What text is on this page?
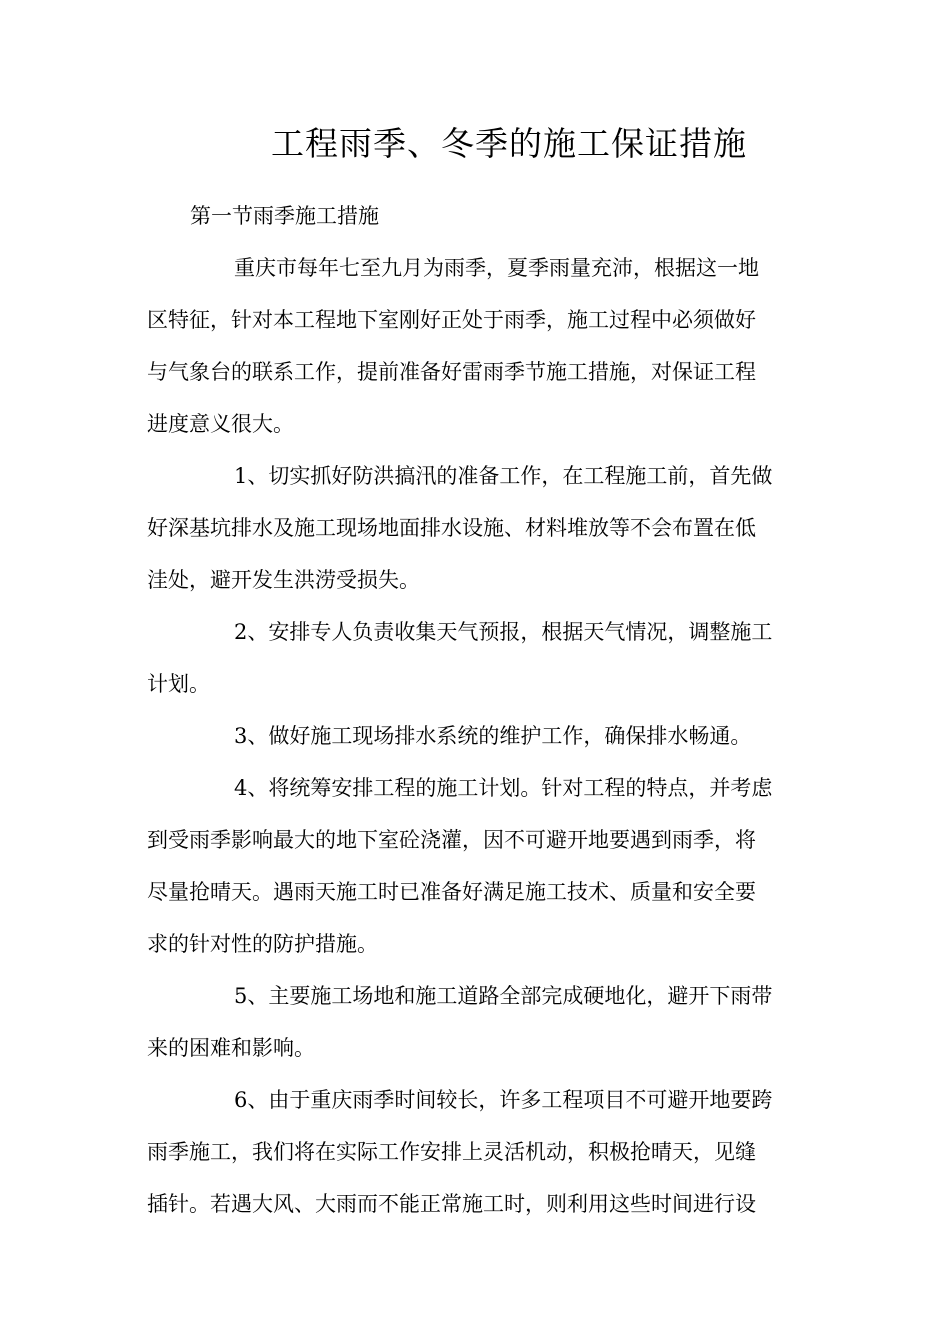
工程雨季、冬季的施工保证措施
第一节雨季施工措施
重庆市每年七至九月为雨季，夏季雨量充沛，根据这一地
区特征，针对本工程地下室刚好正处于雨季，施工过程中必须做好
与气象台的联系工作，提前准备好雷雨季节施工措施，对保证工程
进度意义很大。
1、切实抓好防洪搞汛的准备工作，在工程施工前，首先做
好深基坑排水及施工现场地面排水设施、材料堆放等不会布置在低
洼处，避开发生洪涝受损失。
2、安排专人负责收集天气预报，根据天气情况，调整施工
计划。
3、做好施工现场排水系统的维护工作，确保排水畅通。
4、将统筹安排工程的施工计划。针对工程的特点，并考虑
到受雨季影响最大的地下室砼浇灌，因不可避开地要遇到雨季，将
尽量抢晴天。遇雨天施工时已准备好满足施工技术、质量和安全要
求的针对性的防护措施。
5、主要施工场地和施工道路全部完成硬地化，避开下雨带
来的困难和影响。
6、由于重庆雨季时间较长，许多工程项目不可避开地要跨
雨季施工，我们将在实际工作安排上灵活机动，积极抢晴天，见缝
插针。若遇大风、大雨而不能正常施工时，则利用这些时间进行设
